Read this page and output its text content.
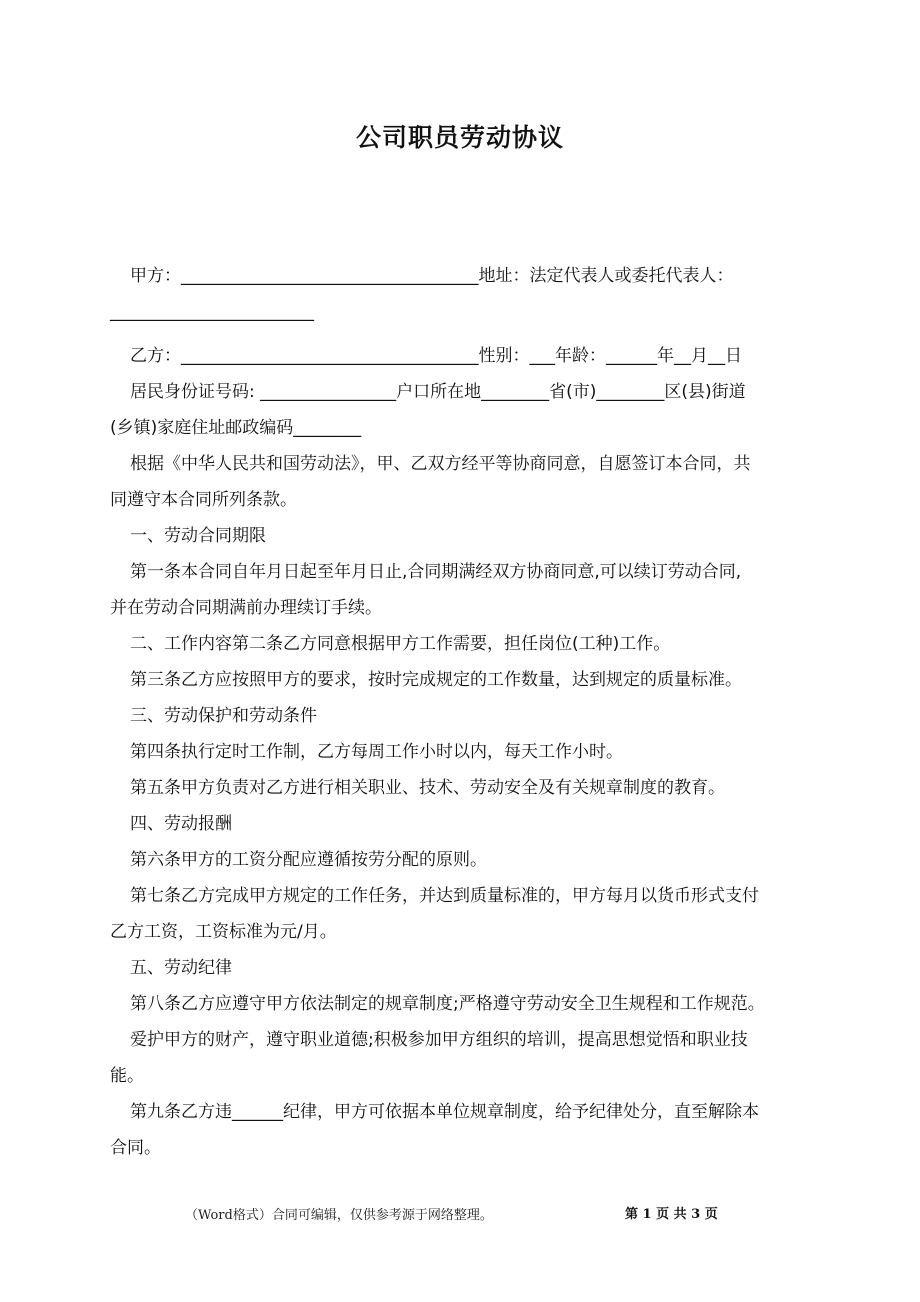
公司职员劳动协议
甲方：___________________________________地址：法定代表人或委托代表人：
________________________
乙方：___________________________________性别：___年龄：______年__月__日
居民身份证号码: ________________户口所在地________省(市)________区(县)街道
(乡镇)家庭住址邮政编码________
根据《中华人民共和国劳动法》，甲、乙双方经平等协商同意，自愿签订本合同，共
同遵守本合同所列条款。
一、劳动合同期限
第一条本合同自年月日起至年月日止,合同期满经双方协商同意,可以续订劳动合同,
并在劳动合同期满前办理续订手续。
二、工作内容第二条乙方同意根据甲方工作需要，担任岗位(工种)工作。
第三条乙方应按照甲方的要求，按时完成规定的工作数量，达到规定的质量标准。
三、劳动保护和劳动条件
第四条执行定时工作制，乙方每周工作小时以内，每天工作小时。
第五条甲方负责对乙方进行相关职业、技术、劳动安全及有关规章制度的教育。
四、劳动报酬
第六条甲方的工资分配应遵循按劳分配的原则。
第七条乙方完成甲方规定的工作任务，并达到质量标准的，甲方每月以货币形式支付
乙方工资，工资标准为元/月。
五、劳动纪律
第八条乙方应遵守甲方依法制定的规章制度;严格遵守劳动安全卫生规程和工作规范。
爱护甲方的财产，遵守职业道德;积极参加甲方组织的培训，提高思想觉悟和职业技
能。
第九条乙方违______纪律，甲方可依据本单位规章制度，给予纪律处分，直至解除本
合同。
（Word格式）合同可编辑，仅供参考源于网络整理。	第 1 页 共 3 页
